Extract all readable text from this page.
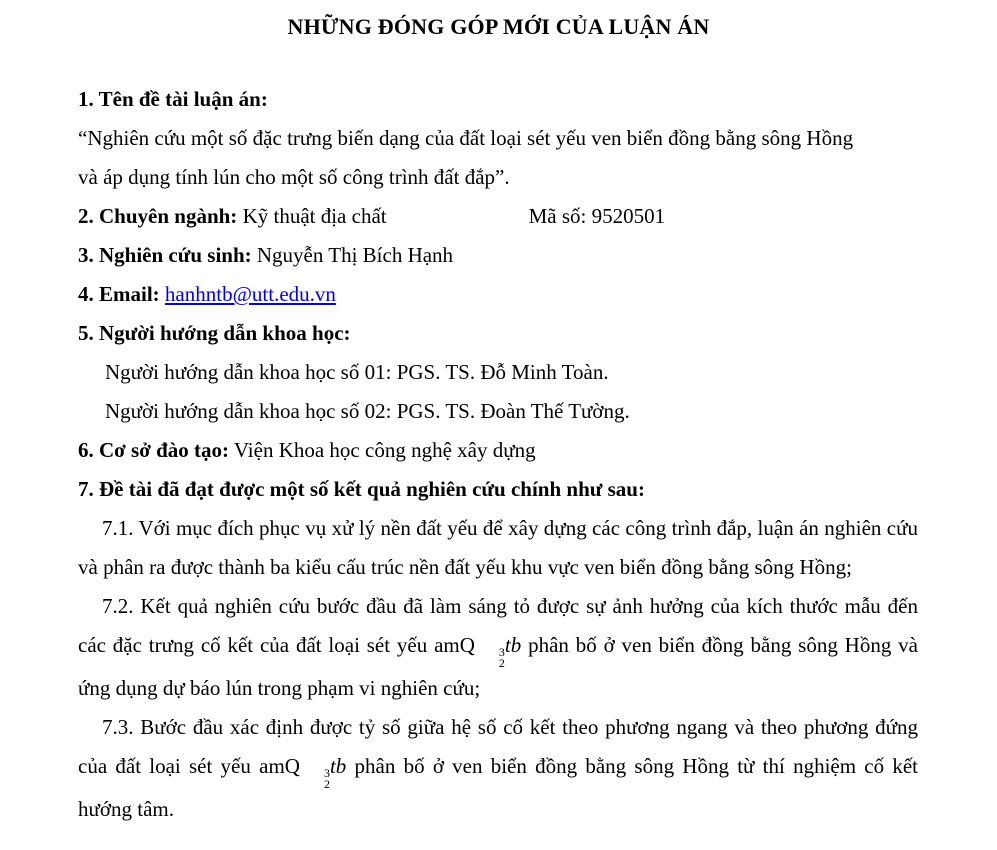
NHỮNG ĐÓNG GÓP MỚI CỦA LUẬN ÁN
1. Tên đề tài luận án:
“Nghiên cứu một số đặc trưng biến dạng của đất loại sét yếu ven biển đồng bằng sông Hồng
và áp dụng tính lún cho một số công trình đất đắp”.
2. Chuyên ngành: Kỹ thuật địa chất	Mã số: 9520501
3. Nghiên cứu sinh: Nguyễn Thị Bích Hạnh
4. Email: hanhntb@utt.edu.vn
5. Người hướng dẫn khoa học:
Người hướng dẫn khoa học số 01: PGS. TS. Đỗ Minh Toàn.
Người hướng dẫn khoa học số 02: PGS. TS. Đoàn Thế Tường.
6. Cơ sở đào tạo: Viện Khoa học công nghệ xây dựng
7. Đề tài đã đạt được một số kết quả nghiên cứu chính như sau:
7.1. Với mục đích phục vụ xử lý nền đất yếu để xây dựng các công trình đắp, luận án nghiên cứu và phân ra được thành ba kiểu cấu trúc nền đất yếu khu vực ven biển đồng bằng sông Hồng;
7.2. Kết quả nghiên cứu bước đầu đã làm sáng tỏ được sự ảnh hưởng của kích thước mẫu đến các đặc trưng cố kết của đất loại sét yếu amQ	3
2
tb phân bố ở ven biển đồng bằng sông Hồng và ứng dụng dự báo lún trong phạm vi nghiên cứu;
7.3. Bước đầu xác định được tỷ số giữa hệ số cố kết theo phương ngang và theo phương đứng của đất loại sét yếu amQ	3
2
tb phân bố ở ven biển đồng bằng sông Hồng từ thí nghiệm cố kết hướng tâm.
